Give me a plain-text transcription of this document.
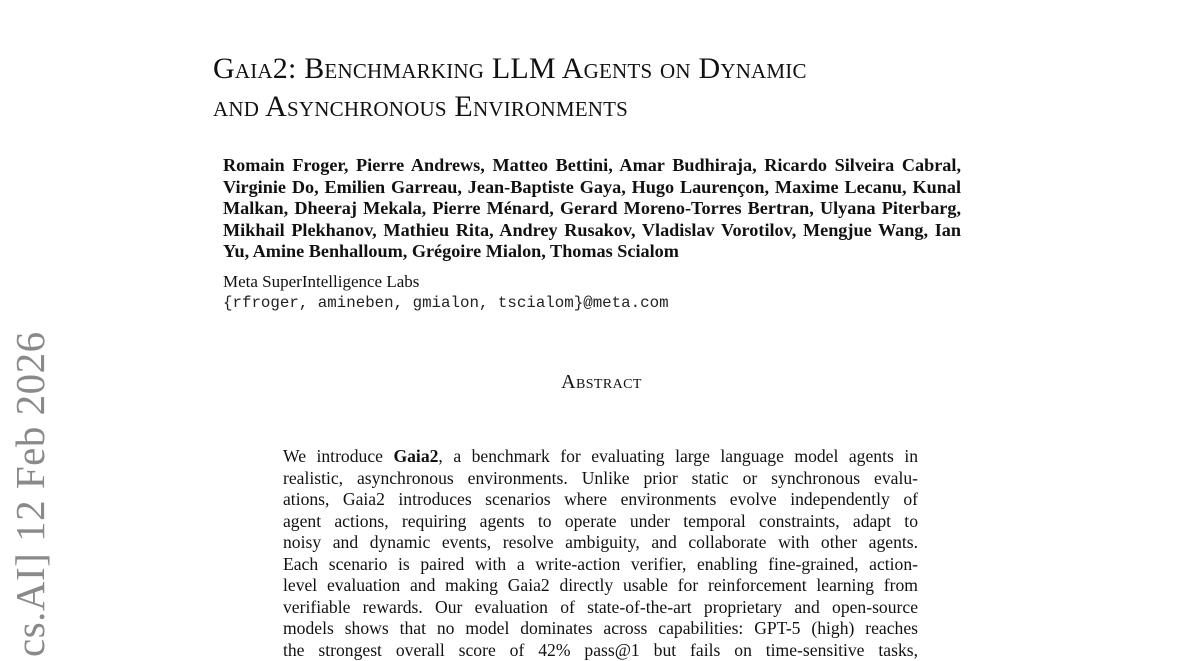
Gaia2: Benchmarking LLM Agents on Dynamic
and Asynchronous Environments
Romain Froger, Pierre Andrews, Matteo Bettini, Amar Budhiraja, Ricardo Silveira Cabral, Virginie Do, Emilien Garreau, Jean-Baptiste Gaya, Hugo Laurençon, Maxime Lecanu, Kunal Malkan, Dheeraj Mekala, Pierre Ménard, Gerard Moreno-Torres Bertran, Ulyana Piterbarg, Mikhail Plekhanov, Mathieu Rita, Andrey Rusakov, Vladislav Vorotilov, Mengjue Wang, Ian Yu, Amine Benhalloum, Grégoire Mialon, Thomas Scialom
Meta SuperIntelligence Labs
{rfroger, amineben, gmialon, tscialom}@meta.com
Abstract
We introduce Gaia2, a benchmark for evaluating large language model agents in
realistic, asynchronous environments. Unlike prior static or synchronous evalu-
ations, Gaia2 introduces scenarios where environments evolve independently of
agent actions, requiring agents to operate under temporal constraints, adapt to
noisy and dynamic events, resolve ambiguity, and collaborate with other agents.
Each scenario is paired with a write-action verifier, enabling fine-grained, action-
level evaluation and making Gaia2 directly usable for reinforcement learning from
verifiable rewards. Our evaluation of state-of-the-art proprietary and open-source
models shows that no model dominates across capabilities: GPT-5 (high) reaches
the strongest overall score of 42% pass@1 but fails on time-sensitive tasks,
cs.AI] 12 Feb 2026
